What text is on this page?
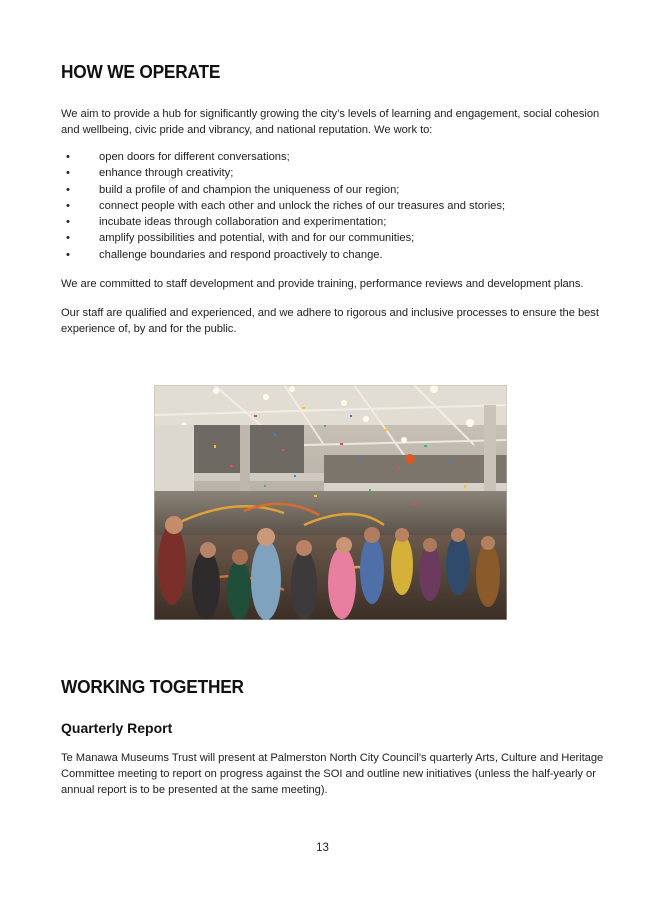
HOW WE OPERATE
We aim to provide a hub for significantly growing the city’s levels of learning and engagement, social cohesion
and wellbeing, civic pride and vibrancy, and national reputation. We work to:
•	open doors for different conversations;
•	enhance through creativity;
•	build a profile of and champion the uniqueness of our region;
•	connect people with each other and unlock the riches of our treasures and stories;
•	incubate ideas through collaboration and experimentation;
•	amplify possibilities and potential, with and for our communities;
•	challenge boundaries and respond proactively to change.
We are committed to staff development and provide training, performance reviews and development plans.
Our staff are qualified and experienced, and we adhere to rigorous and inclusive processes to ensure the best
experience of, by and for the public.
WORKING TOGETHER
Quarterly Report
Te Manawa Museums Trust will present at Palmerston North City Council’s quarterly Arts, Culture and Heritage
Committee meeting to report on progress against the SOI and outline new initiatives (unless the half-yearly or
annual report is to be presented at the same meeting).
13
